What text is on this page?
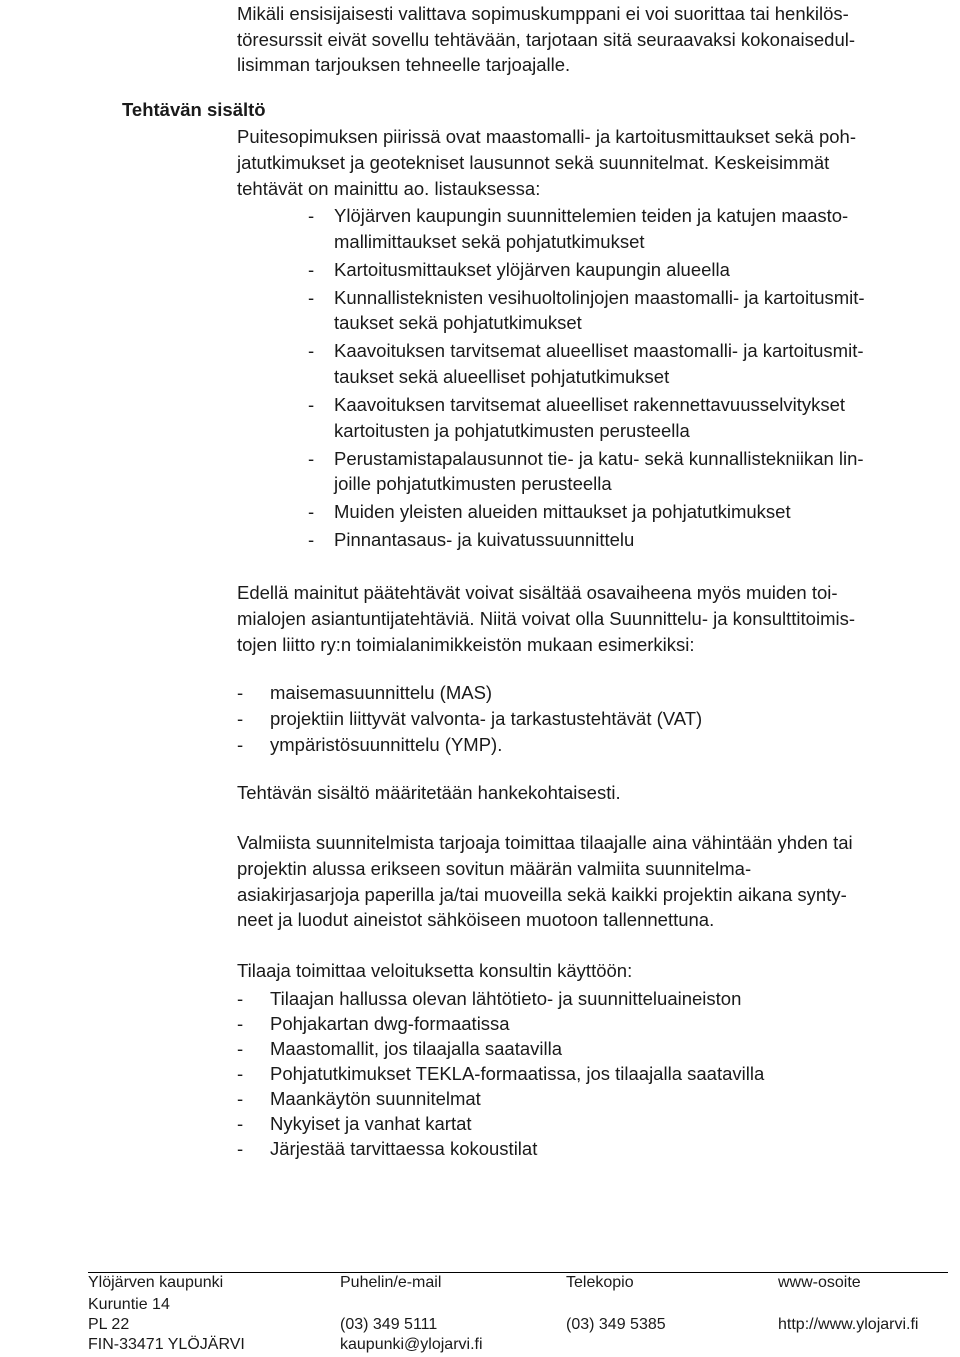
Mikäli ensisijaisesti valittava sopimuskumppani ei voi suorittaa tai henkilös-
töresurssit eivät sovellu tehtävään, tarjotaan sitä seuraavaksi kokonaisedul-
lisimman tarjouksen tehneelle tarjoajalle.
Tehtävän sisältö
Puitesopimuksen piirissä ovat maastomalli- ja kartoitusmittaukset sekä poh-
jatutkimukset ja geotekniset lausunnot sekä suunnitelmat. Keskeisimmät
tehtävät on mainittu ao. listauksessa:
- Ylöjärven kaupungin suunnittelemien teiden ja katujen maasto-
mallimittaukset sekä pohjatutkimukset
- Kartoitusmittaukset ylöjärven kaupungin alueella
- Kunnallisteknisten vesihuoltolinjojen maastomalli- ja kartoitusmit-
taukset sekä pohjatutkimukset
- Kaavoituksen tarvitsemat alueelliset maastomalli- ja kartoitusmit-
taukset sekä alueelliset pohjatutkimukset
- Kaavoituksen tarvitsemat alueelliset rakennettavuusselvitykset
kartoitusten ja pohjatutkimusten perusteella
- Perustamistapalausunnot tie- ja katu- sekä kunnallistekniikan lin-
joille pohjatutkimusten perusteella
- Muiden yleisten alueiden mittaukset ja pohjatutkimukset
- Pinnantasaus- ja kuivatussuunnittelu
Edellä mainitut päätehtävät voivat sisältää osavaiheena myös muiden toi-
mialojen asiantuntijatehtäviä. Niitä voivat olla Suunnittelu- ja konsulttitoimis-
tojen liitto ry:n toimialanimikkeistön mukaan esimerkiksi:
- maisemasuunnittelu (MAS)
- projektiin liittyvät valvonta- ja tarkastustehtävät (VAT)
- ympäristösuunnittelu (YMP).
Tehtävän sisältö määritetään hankekohtaisesti.
Valmiista suunnitelmista tarjoaja toimittaa tilaajalle aina vähintään yhden tai
projektin alussa erikseen sovitun määrän valmiita suunnitelma-
asiakirjasarjoja paperilla ja/tai muoveilla sekä kaikki projektin aikana synty-
neet ja luodut aineistot sähköiseen muotoon tallennettuna.
Tilaaja toimittaa veloituksetta konsultin käyttöön:
- Tilaajan hallussa olevan lähtötieto- ja suunnitteluaineiston
- Pohjakartan dwg-formaatissa
- Maastomallit, jos tilaajalla saatavilla
- Pohjatutkimukset TEKLA-formaatissa, jos tilaajalla saatavilla
- Maankäytön suunnitelmat
- Nykyiset ja vanhat kartat
- Järjestää tarvittaessa kokoustilat
Ylöjärven kaupunki
Kuruntie 14
PL 22
FIN-33471 YLÖJÄRVI
Puhelin/e-mail
(03) 349 5111
kaupunki@ylojarvi.fi
Telekopio
(03) 349 5385
www-osoite
http://www.ylojarvi.fi
